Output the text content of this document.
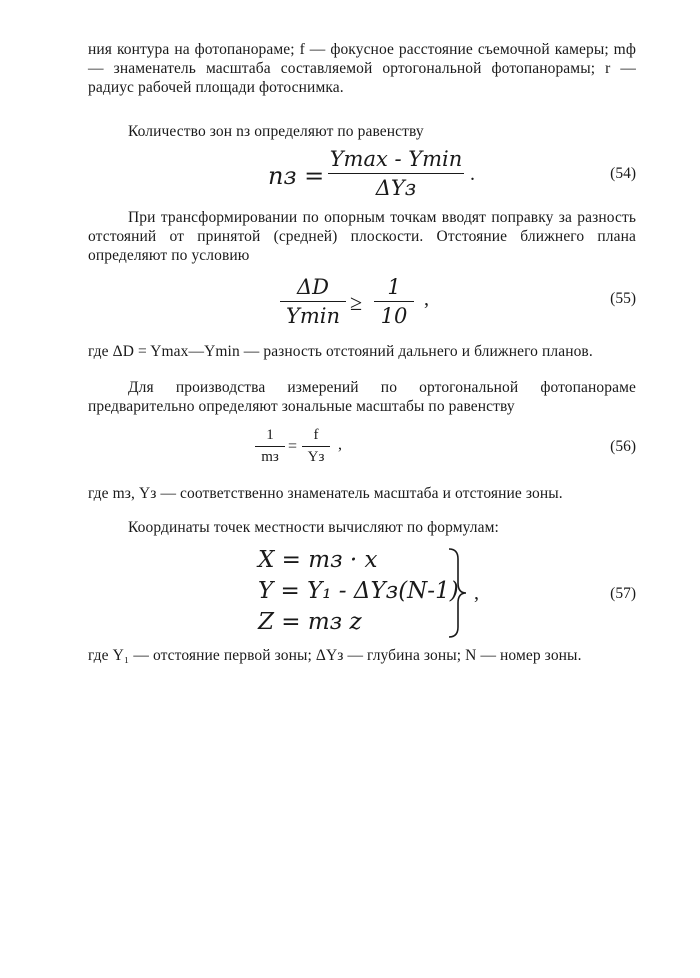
ния контура на фотопанораме; f — фокусное расстояние съемочной камеры; mф — знаменатель масштаба составляемой ортогональной фотопанорамы; r — радиус рабочей площади фотоснимка.
Количество зон nз определяют по равенству
nз =
Ymax - Ymin
ΔYз
.	(54)
При трансформировании по опорным точкам вводят поправку за разность отстояний от принятой (средней) плоскости. Отстояние ближнего плана определяют по условию
ΔD
Ymin
≥
1
10
,	(55)
где ΔD = Ymax—Ymin — разность отстояний дальнего и ближнего планов.
Для производства измерений по ортогональной фотопанораме предварительно определяют зональные масштабы по равенству
1
mз
=
f
Yз
,	(56)
где mз, Yз — соответственно знаменатель масштаба и отстояние зоны.
Координаты точек местности вычисляют по формулам:
X = mз · x
Y = Y₁ - ΔYз(N-1)
Z = mз z
,	(57)
где Y₁ — отстояние первой зоны; ΔYз — глубина зоны; N — номер зоны.
